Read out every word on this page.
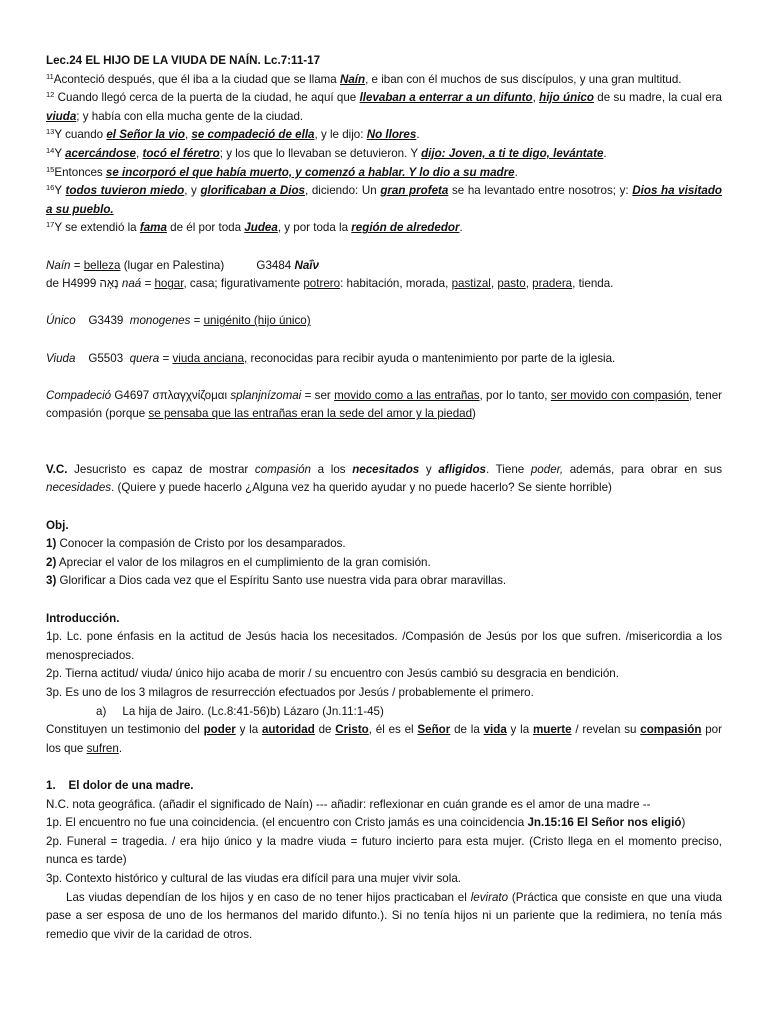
Lec.24 EL HIJO DE LA VIUDA DE NAÍN. Lc.7:11-17

$^{11}$Aconteció después, que él iba a la ciudad que se llama Naín, e iban con él muchos de sus discípulos, y una gran multitud.

$^{12}$ Cuando llegó cerca de la puerta de la ciudad, he aquí que llevaban a enterrar a un difunto, hijo único de su madre, la cual era viuda; y había con ella mucha gente de la ciudad.

$^{13}$Y cuando el Señor la vio, se compadeció de ella, y le dijo: No llores.

$^{14}$Y acercándose, tocó el féretro; y los que lo llevaban se detuvieron. Y dijo: Joven, a ti te digo, levántate.

$^{15}$Entonces se incorporó el que había muerto, y comenzó a hablar. Y lo dio a su madre.

$^{16}$Y todos tuvieron miedo, y glorificaban a Dios, diciendo: Un gran profeta se ha levantado entre nosotros; y: Dios ha visitado a su pueblo.

$^{17}$Y se extendió la fama de él por toda Judea, y por toda la región de alrededor.

Naín = belleza (lugar en Palestina)          G3484 Naΐν

de H4999 נָאָה naá = hogar, casa; figurativamente potrero: habitación, morada, pastizal, pasto, pradera, tienda.

Único    G3439  monogenes = unigénito (hijo único)

Viuda    G5503  quera = viuda anciana, reconocidas para recibir ayuda o mantenimiento por parte de la iglesia.

Compadeció G4697 σπλαγχνίζομαι splanjnízomai = ser movido como a las entrañas, por lo tanto, ser movido con compasión, tener compasión (porque se pensaba que las entrañas eran la sede del amor y la piedad)

V.C. Jesucristo es capaz de mostrar compasión a los necesitados y afligidos. Tiene poder, además, para obrar en sus necesidades. (Quiere y puede hacerlo ¿Alguna vez ha querido ayudar y no puede hacerlo? Se siente horrible)

Obj.

1) Conocer la compasión de Cristo por los desamparados.

2) Apreciar el valor de los milagros en el cumplimiento de la gran comisión.

3) Glorificar a Dios cada vez que el Espíritu Santo use nuestra vida para obrar maravillas.

Introducción.

1p. Lc. pone énfasis en la actitud de Jesús hacia los necesitados. /Compasión de Jesús por los que sufren. /misericordia a los menospreciados.

2p. Tierna actitud/ viuda/ único hijo acaba de morir / su encuentro con Jesús cambió su desgracia en bendición.

3p. Es uno de los 3 milagros de resurrección efectuados por Jesús / probablemente el primero.

a)     La hija de Jairo. (Lc.8:41-56)b) Lázaro (Jn.11:1-45)

Constituyen un testimonio del poder y la autoridad de Cristo, él es el Señor de la vida y la muerte / revelan su compasión por los que sufren.

1.    El dolor de una madre.

N.C. nota geográfica. (añadir el significado de Naín) --- añadir: reflexionar en cuán grande es el amor de una madre --

1p. El encuentro no fue una coincidencia. (el encuentro con Cristo jamás es una coincidencia Jn.15:16 El Señor nos eligió)

2p. Funeral = tragedia. / era hijo único y la madre viuda = futuro incierto para esta mujer. (Cristo llega en el momento preciso, nunca es tarde)

3p. Contexto histórico y cultural de las viudas era difícil para una mujer vivir sola.

Las viudas dependían de los hijos y en caso de no tener hijos practicaban el levirato (Práctica que consiste en que una viuda pase a ser esposa de uno de los hermanos del marido difunto.). Si no tenía hijos ni un pariente que la redimiera, no tenía más remedio que vivir de la caridad de otros.
